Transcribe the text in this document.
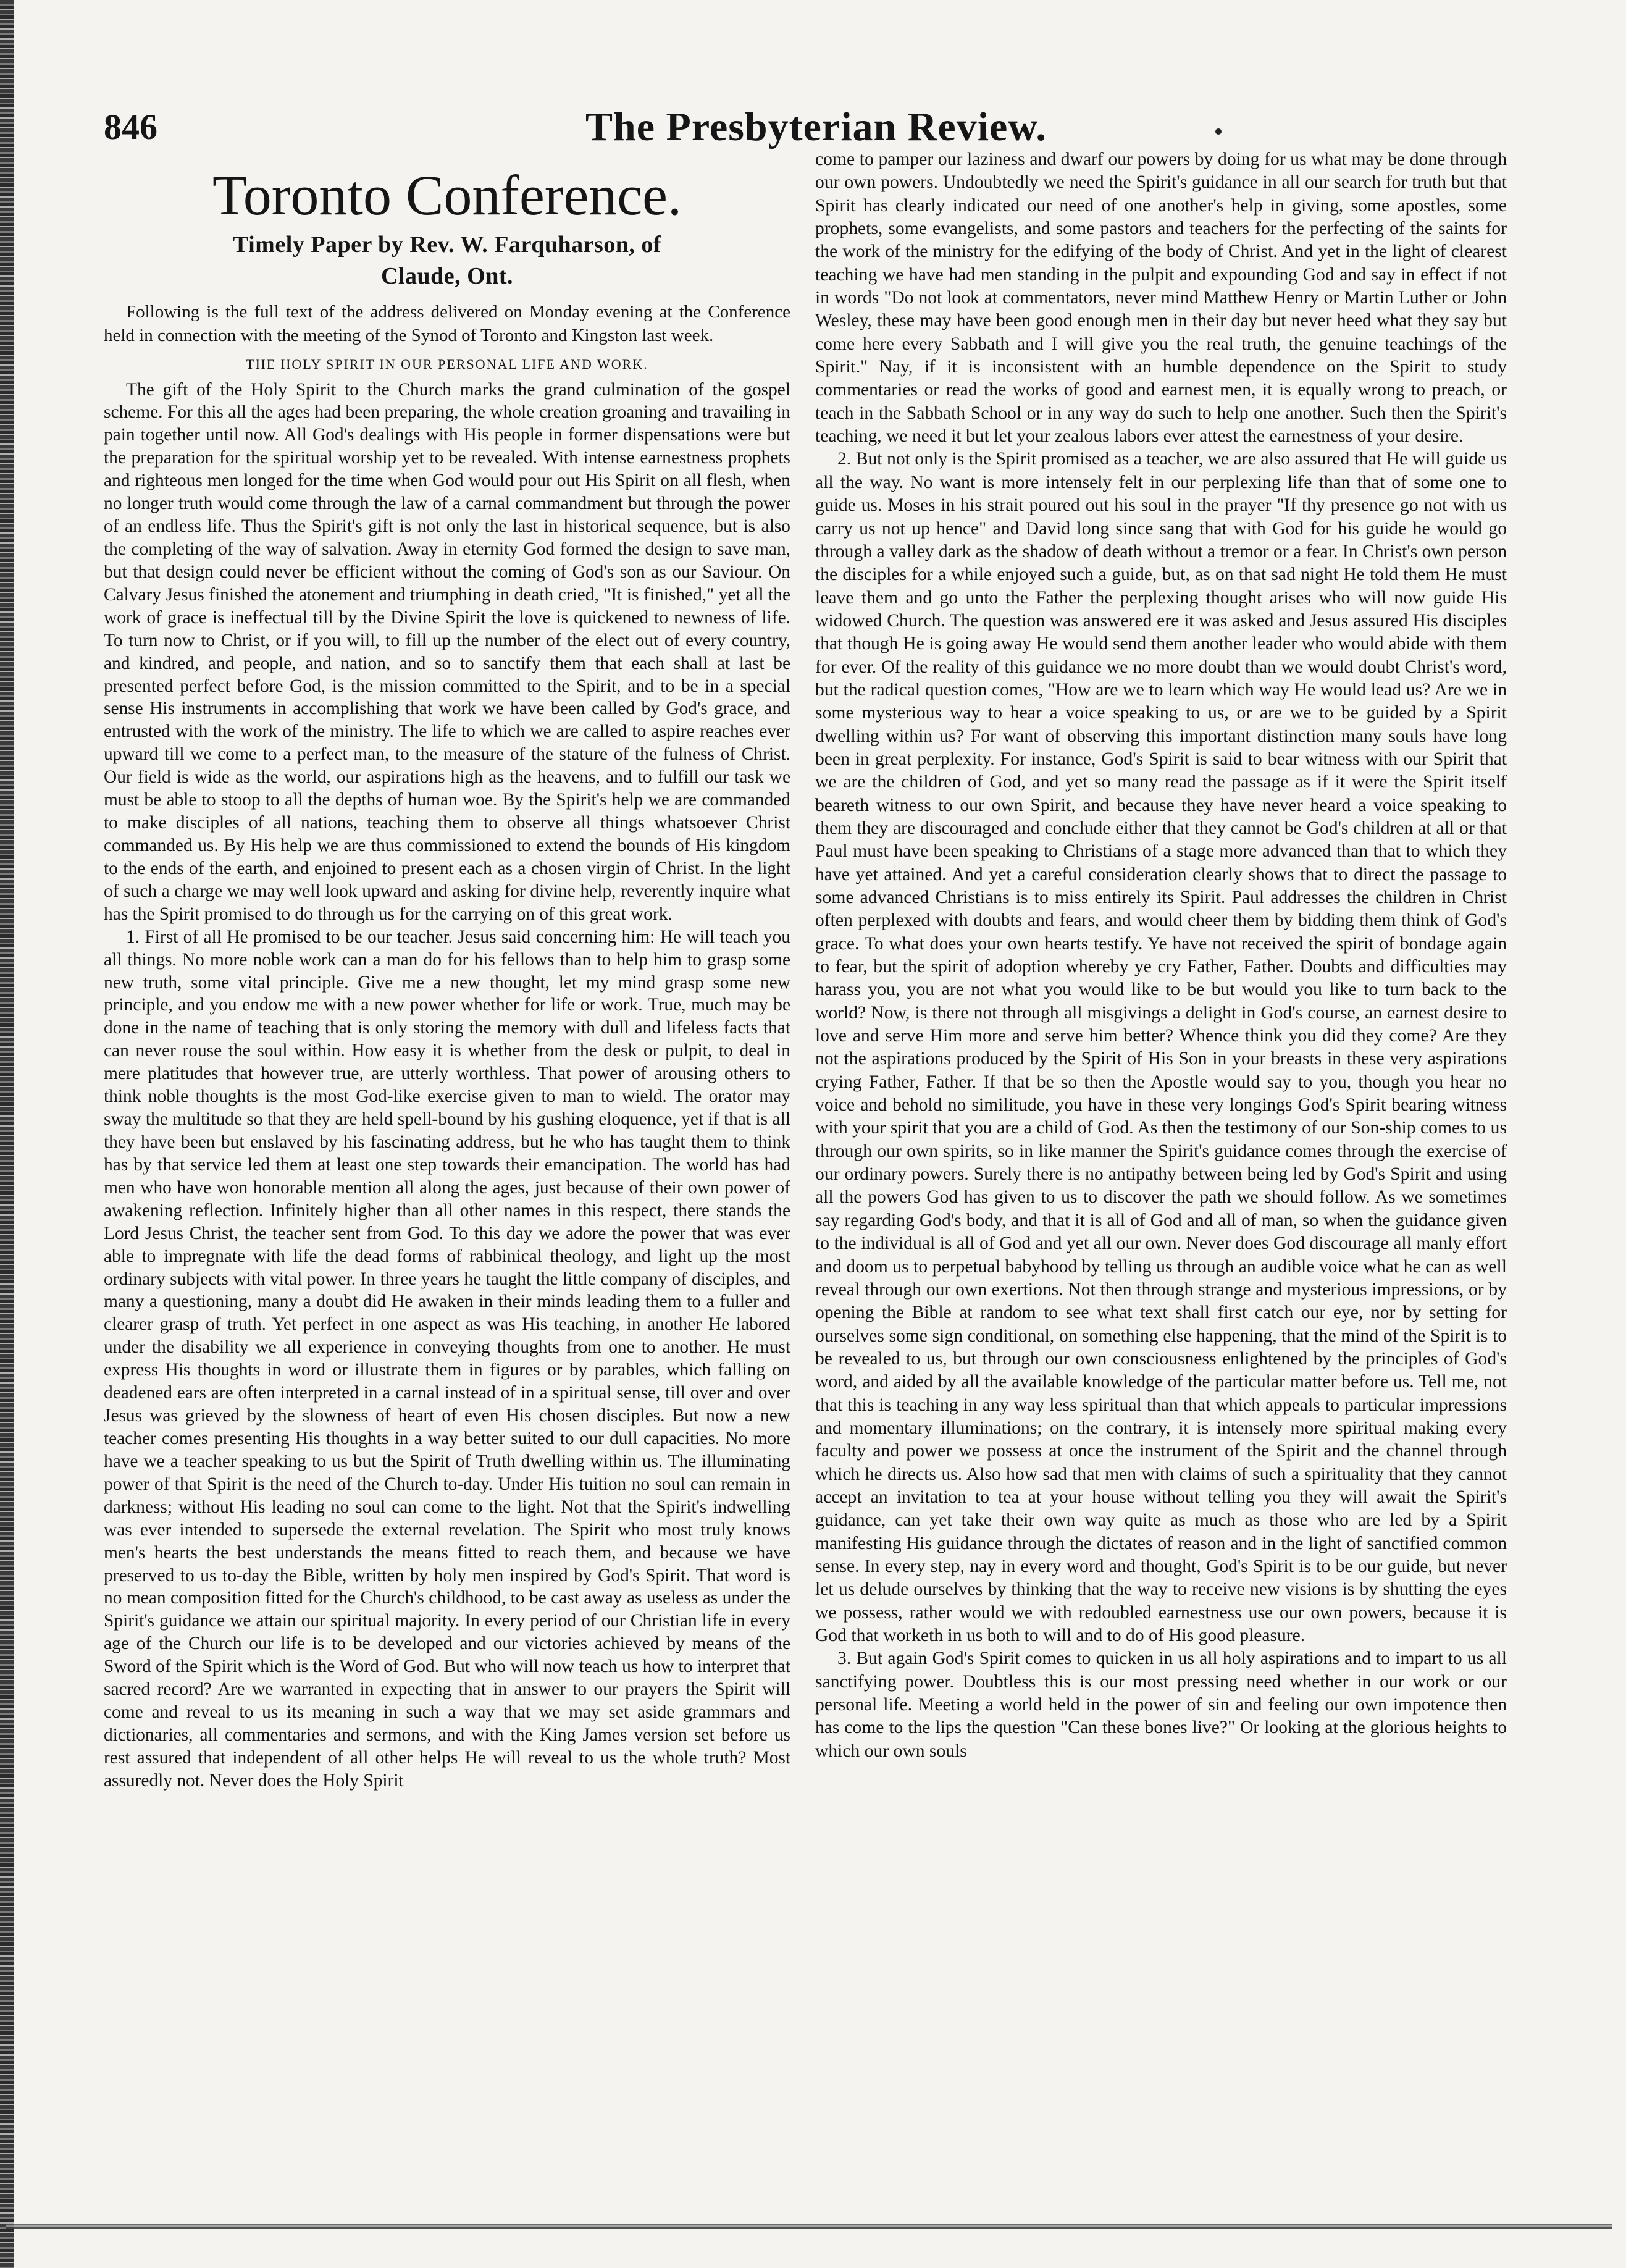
846	The Presbyterian Review.
Toronto Conference.
Timely Paper by Rev. W. Farquharson, of
Claude, Ont.

Following is the full text of the address delivered on Monday evening at the Conference held in connection with the meeting of the Synod of Toronto and Kingston last week.

THE HOLY SPIRIT IN OUR PERSONAL LIFE AND WORK.

The gift of the Holy Spirit to the Church marks the grand culmination of the gospel scheme. For this all the ages had been preparing, the whole creation groaning and travailing in pain together until now. All God's dealings with His people in former dispensations were but the preparation for the spiritual worship yet to be revealed. With intense earnestness prophets and righteous men longed for the time when God would pour out His Spirit on all flesh, when no longer truth would come through the law of a carnal commandment but through the power of an endless life. Thus the Spirit's gift is not only the last in historical sequence, but is also the completing of the way of salvation. Away in eternity God formed the design to save man, but that design could never be efficient without the coming of God's son as our Saviour. On Calvary Jesus finished the atonement and triumphing in death cried, "It is finished," yet all the work of grace is ineffectual till by the Divine Spirit the love is quickened to newness of life. To turn now to Christ, or if you will, to fill up the number of the elect out of every country, and kindred, and people, and nation, and so to sanctify them that each shall at last be presented perfect before God, is the mission committed to the Spirit, and to be in a special sense His instruments in accomplishing that work we have been called by God's grace, and entrusted with the work of the ministry. The life to which we are called to aspire reaches ever upward till we come to a perfect man, to the measure of the stature of the fulness of Christ. Our field is wide as the world, our aspirations high as the heavens, and to fulfill our task we must be able to stoop to all the depths of human woe. By the Spirit's help we are commanded to make disciples of all nations, teaching them to observe all things whatsoever Christ commanded us. By His help we are thus commissioned to extend the bounds of His kingdom to the ends of the earth, and enjoined to present each as a chosen virgin of Christ. In the light of such a charge we may well look upward and asking for divine help, reverently inquire what has the Spirit promised to do through us for the carrying on of this great work.

1. First of all He promised to be our teacher. Jesus said concerning him: He will teach you all things. No more noble work can a man do for his fellows than to help him to grasp some new truth, some vital principle. Give me a new thought, let my mind grasp some new principle, and you endow me with a new power whether for life or work. True, much may be done in the name of teaching that is only storing the memory with dull and lifeless facts that can never rouse the soul within. How easy it is whether from the desk or pulpit, to deal in mere platitudes that however true, are utterly worthless. That power of arousing others to think noble thoughts is the most God-like exercise given to man to wield. The orator may sway the multitude so that they are held spell-bound by his gushing eloquence, yet if that is all they have been but enslaved by his fascinating address, but he who has taught them to think has by that service led them at least one step towards their emancipation. The world has had men who have won honorable mention all along the ages, just because of their own power of awakening reflection. Infinitely higher than all other names in this respect, there stands the Lord Jesus Christ, the teacher sent from God. To this day we adore the power that was ever able to impregnate with life the dead forms of rabbinical theology, and light up the most ordinary subjects with vital power. In three years he taught the little company of disciples, and many a questioning, many a doubt did He awaken in their minds leading them to a fuller and clearer grasp of truth. Yet perfect in one aspect as was His teaching, in another He labored under the disability we all experience in conveying thoughts from one to another. He must express His thoughts in word or illustrate them in figures or by parables, which falling on deadened ears are often interpreted in a carnal instead of in a spiritual sense, till over and over Jesus was grieved by the slowness of heart of even His chosen disciples. But now a new teacher comes presenting His thoughts in a way better suited to our dull capacities. No more have we a teacher speaking to us but the Spirit of Truth dwelling within us. The illuminating power of that Spirit is the need of the Church to-day. Under His tuition no soul can remain in darkness; without His leading no soul can come to the light. Not that the Spirit's indwelling was ever intended to supersede the external revelation. The Spirit who most truly knows men's hearts the best understands the means fitted to reach them, and because we have preserved to us to-day the Bible, written by holy men inspired by God's Spirit. That word is no mean composition fitted for the Church's childhood, to be cast away as useless as under the Spirit's guidance we attain our spiritual majority. In every period of our Christian life in every age of the Church our life is to be developed and our victories achieved by means of the Sword of the Spirit which is the Word of God. But who will now teach us how to interpret that sacred record? Are we warranted in expecting that in answer to our prayers the Spirit will come and reveal to us its meaning in such a way that we may set aside grammars and dictionaries, all commentaries and sermons, and with the King James version set before us rest assured that independent of all other helps He will reveal to us the whole truth? Most assuredly not. Never does the Holy Spirit

come to pamper our laziness and dwarf our powers by doing for us what may be done through our own powers. Undoubtedly we need the Spirit's guidance in all our search for truth but that Spirit has clearly indicated our need of one another's help in giving, some apostles, some prophets, some evangelists, and some pastors and teachers for the perfecting of the saints for the work of the ministry for the edifying of the body of Christ. And yet in the light of clearest teaching we have had men standing in the pulpit and expounding God and say in effect if not in words "Do not look at commentators, never mind Matthew Henry or Martin Luther or John Wesley, these may have been good enough men in their day but never heed what they say but come here every Sabbath and I will give you the real truth, the genuine teachings of the Spirit." Nay, if it is inconsistent with an humble dependence on the Spirit to study commentaries or read the works of good and earnest men, it is equally wrong to preach, or teach in the Sabbath School or in any way do such to help one another. Such then the Spirit's teaching, we need it but let your zealous labors ever attest the earnestness of your desire.

2. But not only is the Spirit promised as a teacher, we are also assured that He will guide us all the way. No want is more intensely felt in our perplexing life than that of some one to guide us. Moses in his strait poured out his soul in the prayer "If thy presence go not with us carry us not up hence" and David long since sang that with God for his guide he would go through a valley dark as the shadow of death without a tremor or a fear. In Christ's own person the disciples for a while enjoyed such a guide, but, as on that sad night He told them He must leave them and go unto the Father the perplexing thought arises who will now guide His widowed Church. The question was answered ere it was asked and Jesus assured His disciples that though He is going away He would send them another leader who would abide with them for ever. Of the reality of this guidance we no more doubt than we would doubt Christ's word, but the radical question comes, "How are we to learn which way He would lead us? Are we in some mysterious way to hear a voice speaking to us, or are we to be guided by a Spirit dwelling within us? For want of observing this important distinction many souls have long been in great perplexity. For instance, God's Spirit is said to bear witness with our Spirit that we are the children of God, and yet so many read the passage as if it were the Spirit itself beareth witness to our own Spirit, and because they have never heard a voice speaking to them they are discouraged and conclude either that they cannot be God's children at all or that Paul must have been speaking to Christians of a stage more advanced than that to which they have yet attained. And yet a careful consideration clearly shows that to direct the passage to some advanced Christians is to miss entirely its Spirit. Paul addresses the children in Christ often perplexed with doubts and fears, and would cheer them by bidding them think of God's grace. To what does your own hearts testify. Ye have not received the spirit of bondage again to fear, but the spirit of adoption whereby ye cry Father, Father. Doubts and difficulties may harass you, you are not what you would like to be but would you like to turn back to the world? Now, is there not through all misgivings a delight in God's course, an earnest desire to love and serve Him more and serve him better? Whence think you did they come? Are they not the aspirations produced by the Spirit of His Son in your breasts in these very aspirations crying Father, Father. If that be so then the Apostle would say to you, though you hear no voice and behold no similitude, you have in these very longings God's Spirit bearing witness with your spirit that you are a child of God. As then the testimony of our Son-ship comes to us through our own spirits, so in like manner the Spirit's guidance comes through the exercise of our ordinary powers. Surely there is no antipathy between being led by God's Spirit and using all the powers God has given to us to discover the path we should follow. As we sometimes say regarding God's body, and that it is all of God and all of man, so when the guidance given to the individual is all of God and yet all our own. Never does God discourage all manly effort and doom us to perpetual babyhood by telling us through an audible voice what he can as well reveal through our own exertions. Not then through strange and mysterious impressions, or by opening the Bible at random to see what text shall first catch our eye, nor by setting for ourselves some sign conditional, on something else happening, that the mind of the Spirit is to be revealed to us, but through our own consciousness enlightened by the principles of God's word, and aided by all the available knowledge of the particular matter before us. Tell me, not that this is teaching in any way less spiritual than that which appeals to particular impressions and momentary illuminations; on the contrary, it is intensely more spiritual making every faculty and power we possess at once the instrument of the Spirit and the channel through which he directs us. Also how sad that men with claims of such a spirituality that they cannot accept an invitation to tea at your house without telling you they will await the Spirit's guidance, can yet take their own way quite as much as those who are led by a Spirit manifesting His guidance through the dictates of reason and in the light of sanctified common sense. In every step, nay in every word and thought, God's Spirit is to be our guide, but never let us delude ourselves by thinking that the way to receive new visions is by shutting the eyes we possess, rather would we with redoubled earnestness use our own powers, because it is God that worketh in us both to will and to do of His good pleasure.

3. But again God's Spirit comes to quicken in us all holy aspirations and to impart to us all sanctifying power. Doubtless this is our most pressing need whether in our work or our personal life. Meeting a world held in the power of sin and feeling our own impotence then has come to the lips the question "Can these bones live?" Or looking at the glorious heights to which our own souls
